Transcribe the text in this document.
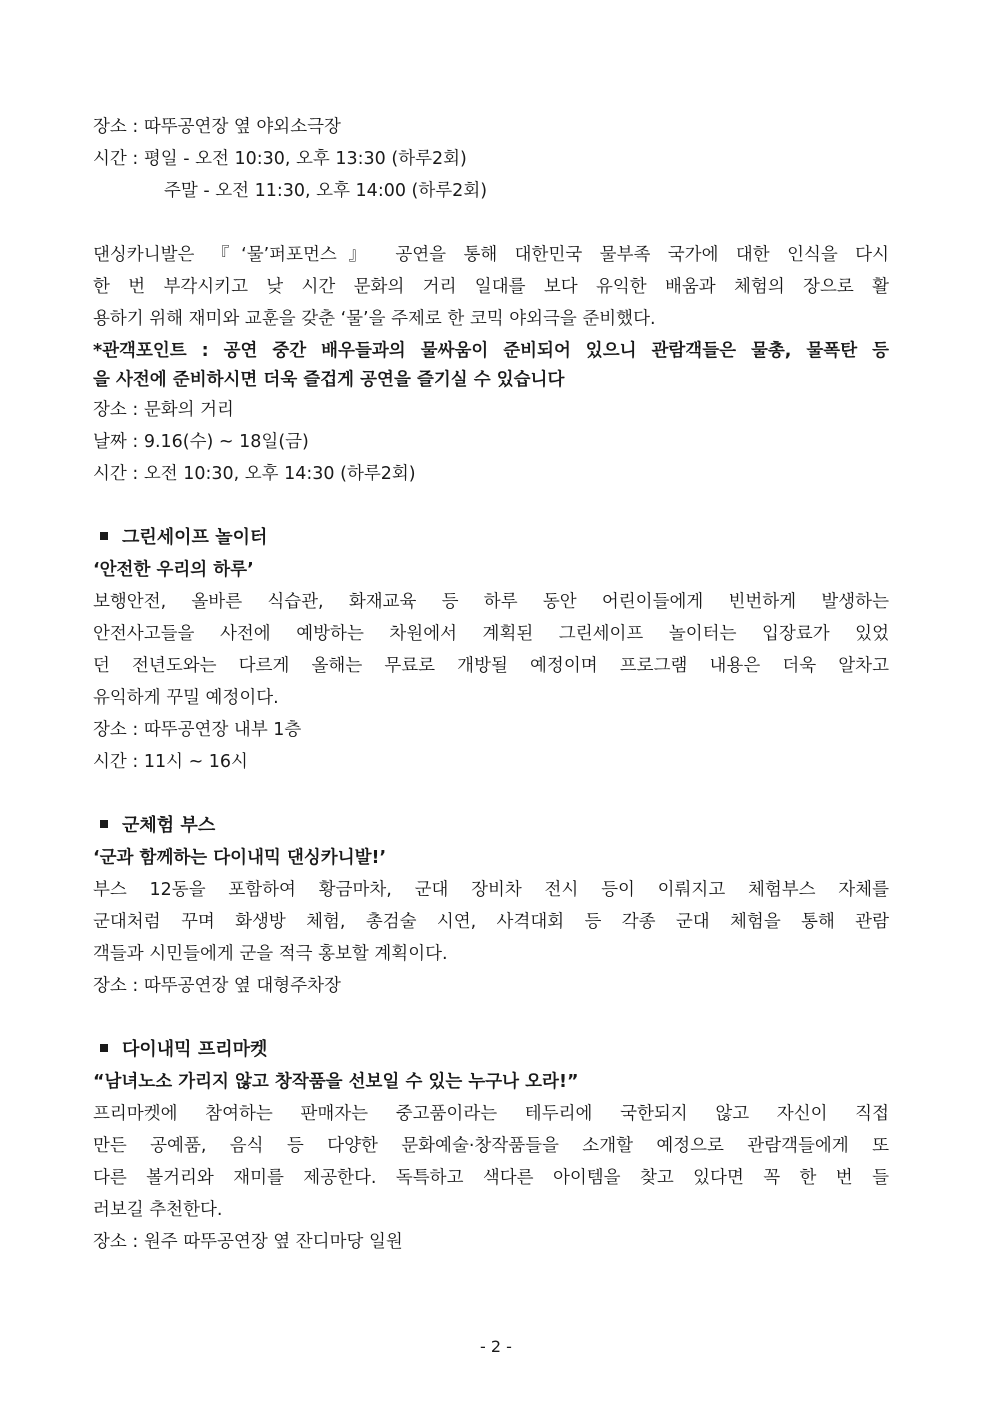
장소 : 따뚜공연장 옆 야외소극장
시간 : 평일 - 오전 10:30, 오후 13:30 (하루2회)
주말 - 오전 11:30, 오후 14:00 (하루2회)
댄싱카니발은 『‘물’퍼포먼스』 공연을 통해 대한민국 물부족 국가에 대한 인식을 다시
한 번 부각시키고 낮 시간 문화의 거리 일대를 보다 유익한 배움과 체험의 장으로 활
용하기 위해 재미와 교훈을 갖춘 ‘물’을 주제로 한 코믹 야외극을 준비했다.
*관객포인트 : 공연 중간 배우들과의 물싸움이 준비되어 있으니 관람객들은 물총, 물폭탄 등
을 사전에 준비하시면 더욱 즐겁게 공연을 즐기실 수 있습니다
장소 : 문화의 거리
날짜 : 9.16(수) ~ 18일(금)
시간 : 오전 10:30, 오후 14:30 (하루2회)
그린세이프 놀이터
‘안전한 우리의 하루’
보행안전, 올바른 식습관, 화재교육 등 하루 동안 어린이들에게 빈번하게 발생하는
안전사고들을 사전에 예방하는 차원에서 계획된 그린세이프 놀이터는 입장료가 있었
던 전년도와는 다르게 올해는 무료로 개방될 예정이며 프로그램 내용은 더욱 알차고
유익하게 꾸밀 예정이다.
장소 : 따뚜공연장 내부 1층
시간 : 11시 ~ 16시
군체험 부스
‘군과 함께하는 다이내믹 댄싱카니발!’
부스 12동을 포함하여 황금마차, 군대 장비차 전시 등이 이뤄지고 체험부스 자체를
군대처럼 꾸며 화생방 체험, 총검술 시연, 사격대회 등 각종 군대 체험을 통해 관람
객들과 시민들에게 군을 적극 홍보할 계획이다.
장소 : 따뚜공연장 옆 대형주차장
다이내믹 프리마켓
“남녀노소 가리지 않고 창작품을 선보일 수 있는 누구나 오라!”
프리마켓에 참여하는 판매자는 중고품이라는 테두리에 국한되지 않고 자신이 직접
만든 공예품, 음식 등 다양한 문화예술·창작품들을 소개할 예정으로 관람객들에게 또
다른 볼거리와 재미를 제공한다. 독특하고 색다른 아이템을 찾고 있다면 꼭 한 번 들
러보길 추천한다.
장소 : 원주 따뚜공연장 옆 잔디마당 일원
- 2 -
